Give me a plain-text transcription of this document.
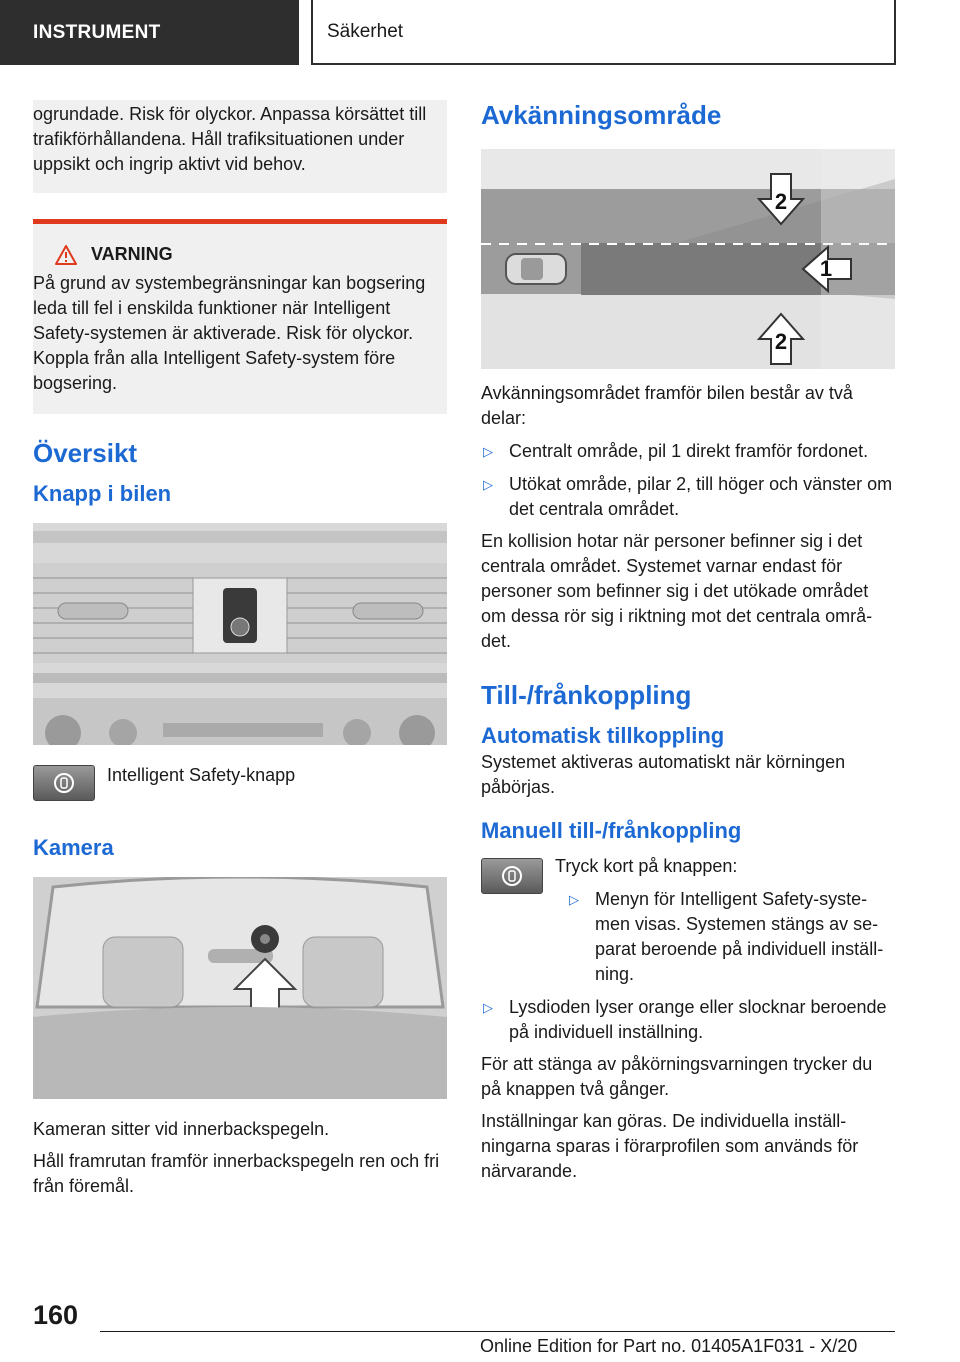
INSTRUMENT	Säkerhet

ogrundade. Risk för olyckor. Anpassa körsättet till trafikförhållandena. Håll trafiksituationen under uppsikt och ingrip aktivt vid behov.

VARNING

På grund av systembegränsningar kan bogsering leda till fel i enskilda funktioner när Intelligent Safety-systemen är aktiverade. Risk för olyckor. Koppla från alla Intelligent Safety-system före bogsering.

Översikt
Knapp i bilen

Intelligent Safety-knapp

Kamera

Kameran sitter vid innerbackspegeln.

Håll framrutan framför innerbackspegeln ren och fri från föremål.

Avkänningsområde
2
1
2

Avkänningsområdet framför bilen består av två delar:

▷ Centralt område, pil 1 direkt framför fordonet.
▷ Utökat område, pilar 2, till höger och vänster om det centrala området.

En kollision hotar när personer befinner sig i det centrala området. Systemet varnar endast för personer som befinner sig i det utökade området om dessa rör sig i riktning mot det centrala området.

Till-/frånkoppling
Automatisk tillkoppling

Systemet aktiveras automatiskt när körningen påbörjas.

Manuell till-/frånkoppling

Tryck kort på knappen:

▷ Menyn för Intelligent Safety-systemen visas. Systemen stängs av separat beroende på individuell inställning.
▷ Lysdioden lyser orange eller slocknar beroende på individuell inställning.

För att stänga av påkörningsvarningen trycker du på knappen två gånger.

Inställningar kan göras. De individuella inställningarna sparas i förarprofilen som används för närvarande.

160
Online Edition for Part no. 01405A1F031 - X/20
